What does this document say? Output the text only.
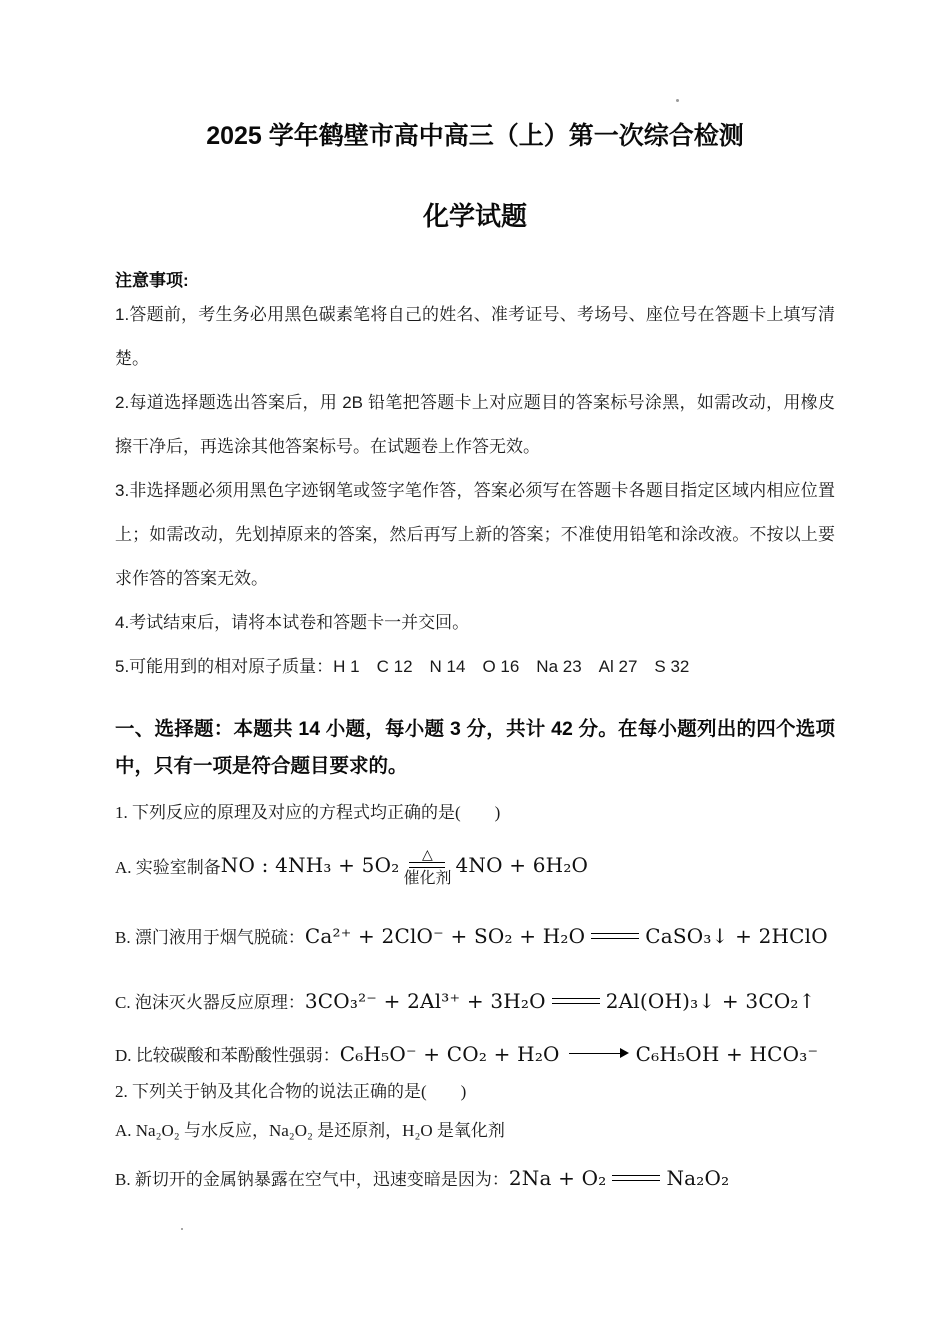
2025 学年鹤壁市高中高三（上）第一次综合检测
化学试题
注意事项:

1.答题前，考生务必用黑色碳素笔将自己的姓名、准考证号、考场号、座位号在答题卡上填写清楚。

2.每道选择题选出答案后，用 2B 铅笔把答题卡上对应题目的答案标号涂黑，如需改动，用橡皮擦干净后，再选涂其他答案标号。在试题卷上作答无效。

3.非选择题必须用黑色字迹钢笔或签字笔作答，答案必须写在答题卡各题目指定区域内相应位置上；如需改动，先划掉原来的答案，然后再写上新的答案；不准使用铅笔和涂改液。不按以上要求作答的答案无效。

4.考试结束后，请将本试卷和答题卡一并交回。

5.可能用到的相对原子质量：H 1　C 12　N 14　O 16　Na 23　Al 27　S 32

一、选择题：本题共 14 小题，每小题 3 分，共计 42 分。在每小题列出的四个选项中，只有一项是符合题目要求的。

1. 下列反应的原理及对应的方程式均正确的是(　　)

A. 实验室制备 NO : 4NH₃ + 5O₂ △
催化剂
4NO + 6H₂O
B. 漂门液用于烟气脱硫： Ca²⁺ + 2ClO⁻ + SO₂ + H₂O	CaSO₃↓ + 2HClO
C. 泡沫灭火器反应原理： 3CO₃²⁻ + 2Al³⁺ + 3H₂O	2Al(OH)₃↓ + 3CO₂↑
D. 比较碳酸和苯酚酸性强弱： C₆H₅O⁻ + CO₂ + H₂O → C₆H₅OH + HCO₃⁻

2. 下列关于钠及其化合物的说法正确的是(　　)

A. Na₂O₂ 与水反应，Na₂O₂ 是还原剂，H₂O 是氧化剂
B. 新切开的金属钠暴露在空气中，迅速变暗是因为： 2Na + O₂	Na₂O₂
